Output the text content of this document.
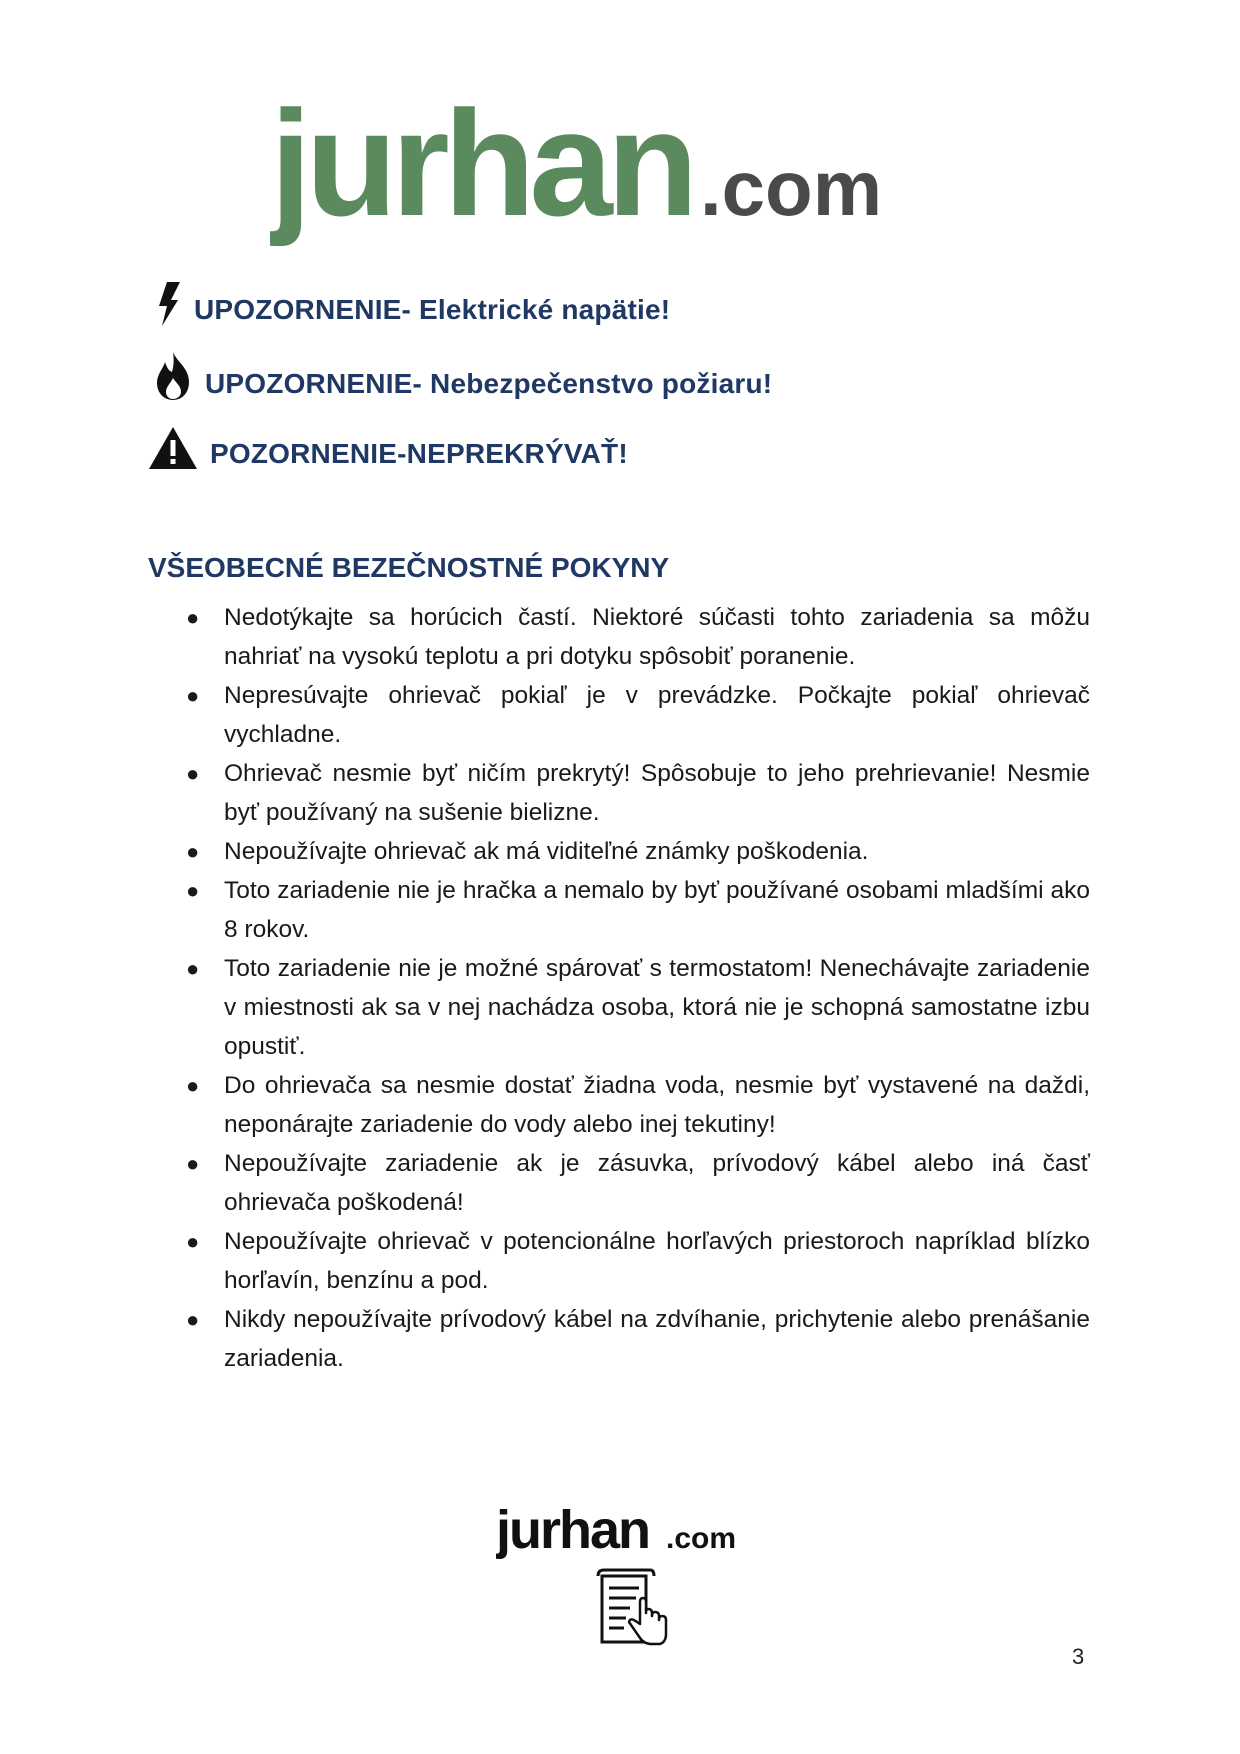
jurhan .com
UPOZORNENIE- Elektrické napätie!
UPOZORNENIE- Nebezpečenstvo požiaru!
POZORNENIE-NEPREKRÝVAŤ!
VŠEOBECNÉ BEZEČNOSTNÉ POKYNY
● Nedotýkajte sa horúcich častí. Niektoré súčasti tohto zariadenia sa môžu nahriať na vysokú teplotu a pri dotyku spôsobiť poranenie.
● Nepresúvajte ohrievač pokiaľ je v prevádzke. Počkajte pokiaľ ohrievač vychladne.
● Ohrievač nesmie byť ničím prekrytý! Spôsobuje to jeho prehrievanie! Nesmie byť používaný na sušenie bielizne.
● Nepoužívajte ohrievač ak má viditeľné známky poškodenia.
● Toto zariadenie nie je hračka a nemalo by byť používané osobami mladšími ako 8 rokov.
● Toto zariadenie nie je možné spárovať s termostatom! Nenechávajte zariadenie v miestnosti ak sa v nej nachádza osoba, ktorá nie je schopná samostatne izbu opustiť.
● Do ohrievača sa nesmie dostať žiadna voda, nesmie byť vystavené na daždi, neponárajte zariadenie do vody alebo inej tekutiny!
● Nepoužívajte zariadenie ak je zásuvka, prívodový kábel alebo iná časť ohrievača poškodená!
● Nepoužívajte ohrievač v potencionálne horľavých priestoroch napríklad blízko horľavín, benzínu a pod.
● Nikdy nepoužívajte prívodový kábel na zdvíhanie, prichytenie alebo prenášanie zariadenia.
jurhan .com
3
